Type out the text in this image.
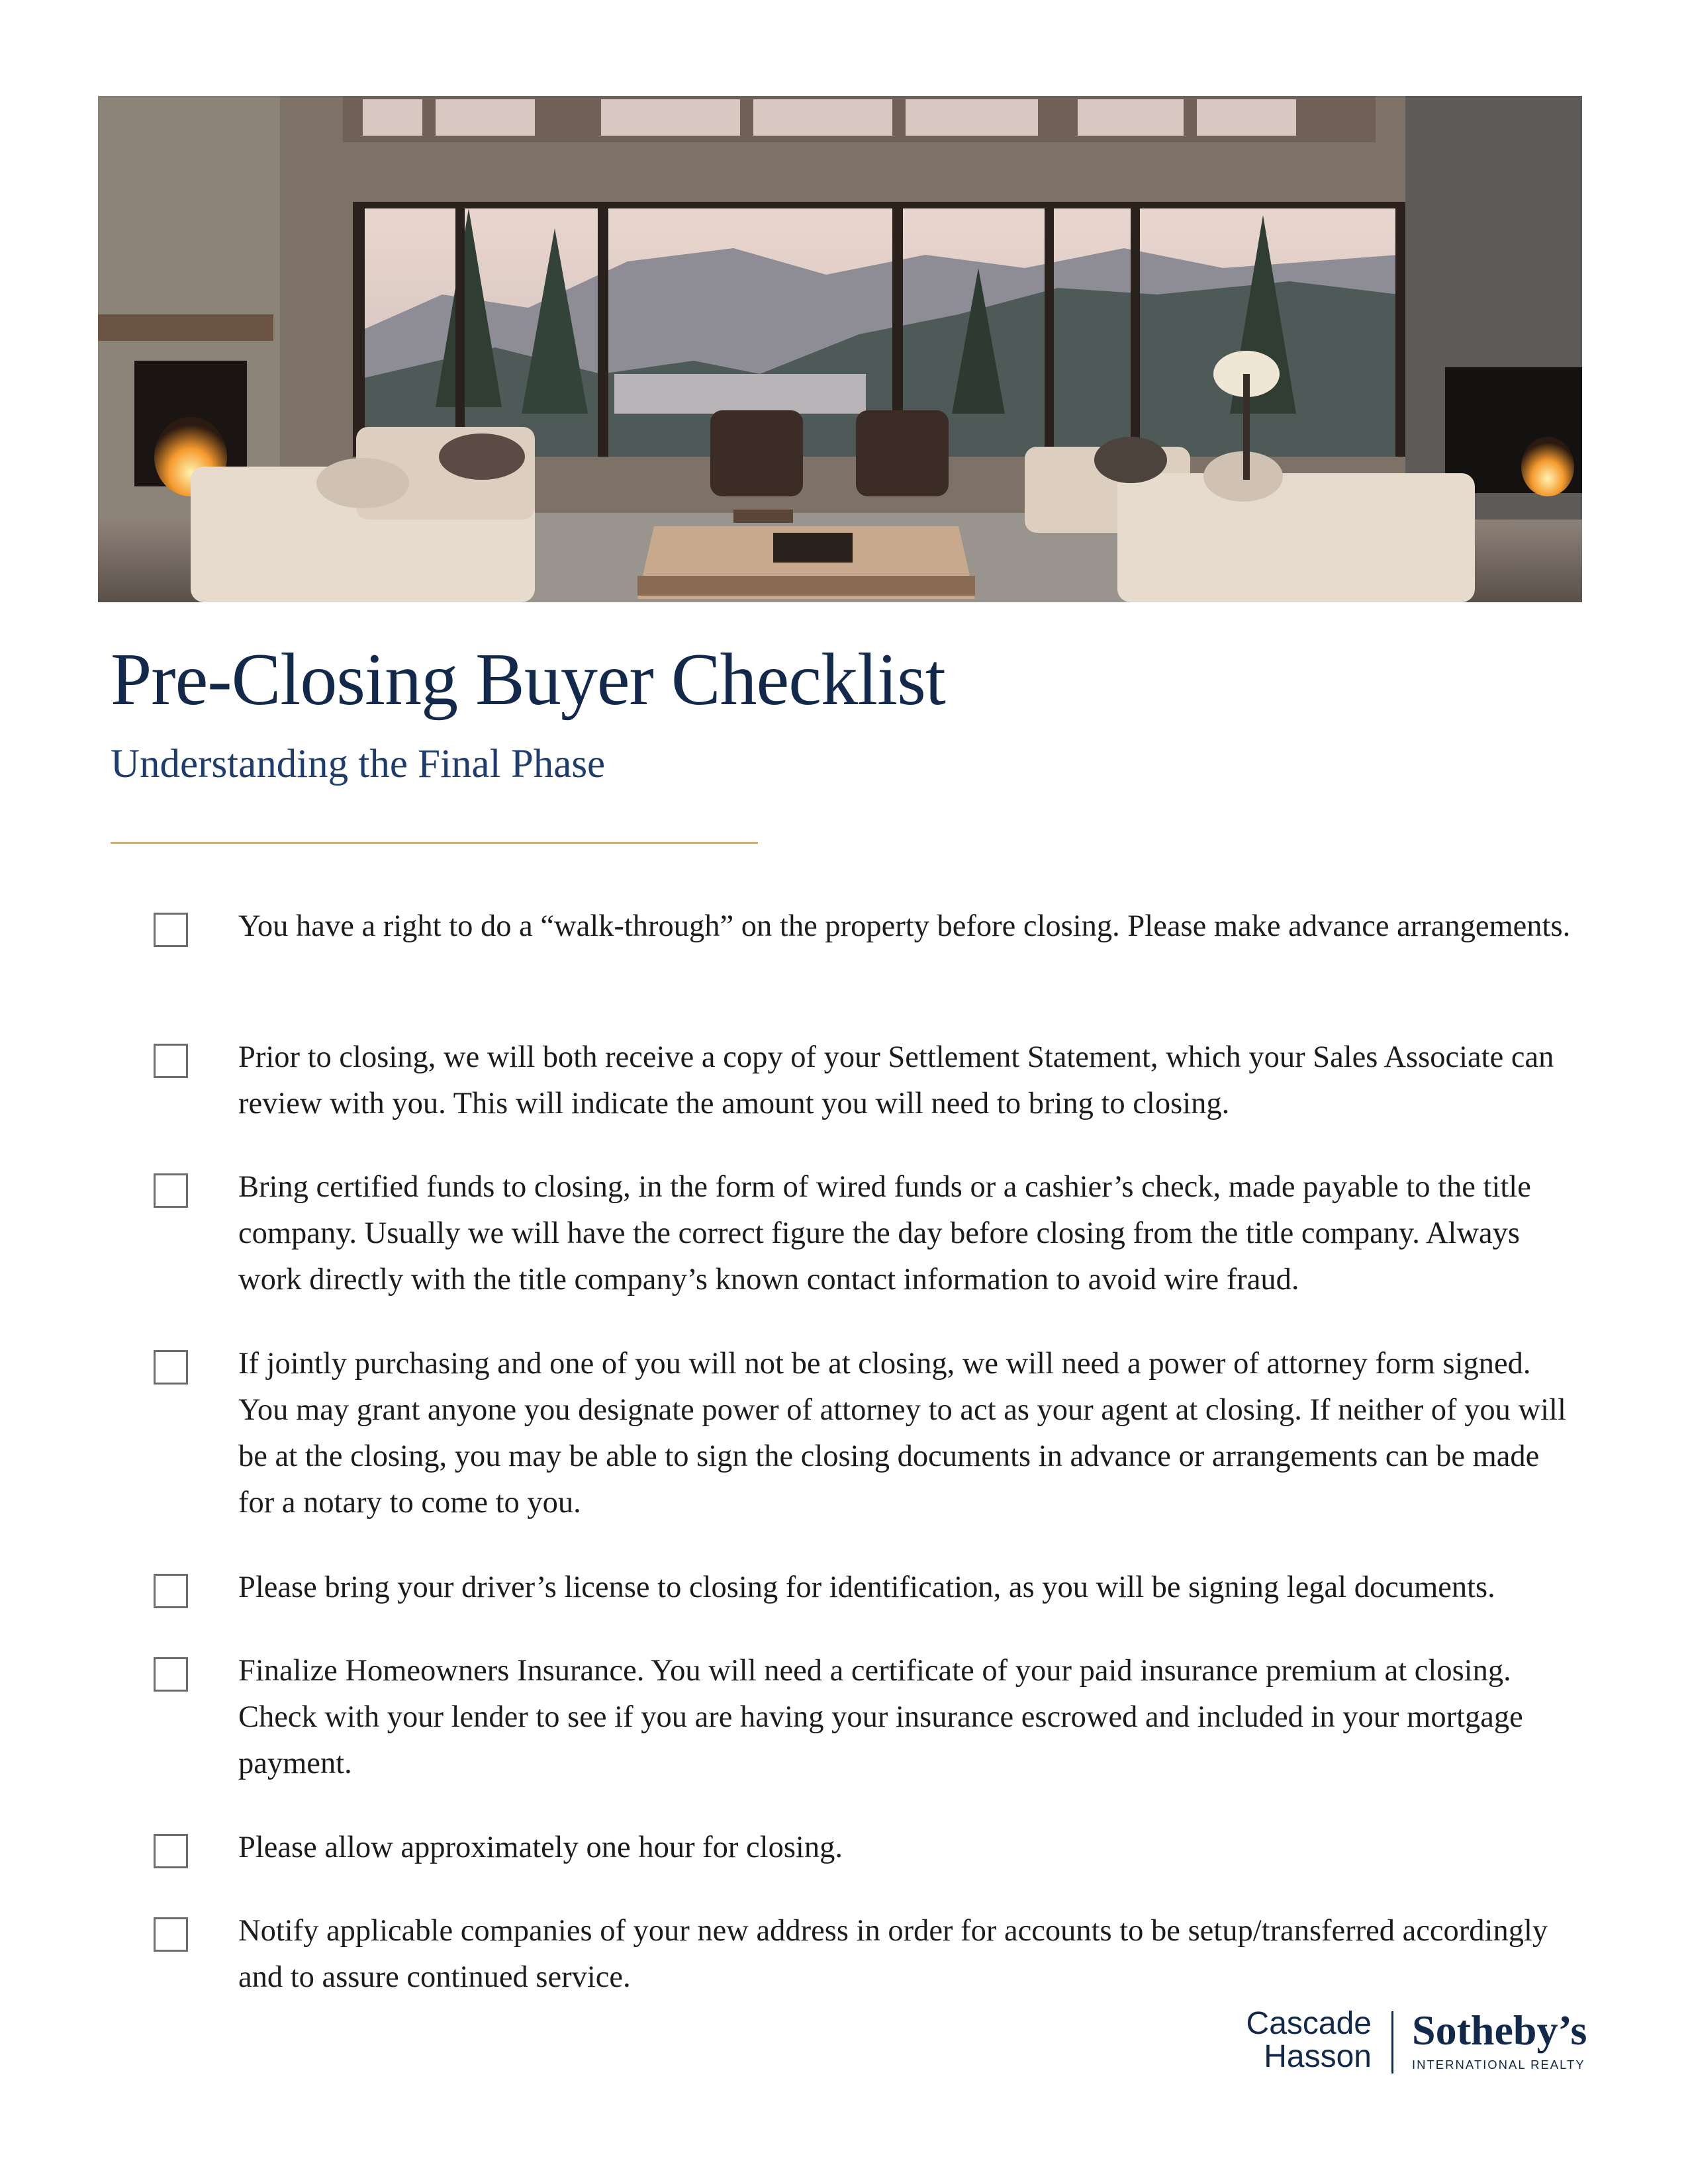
Pre-Closing Buyer Checklist
Understanding the Final Phase
You have a right to do a “walk-through” on the property before closing. Please make advance arrangements.
Prior to closing, we will both receive a copy of your Settlement Statement, which your Sales Associate can review with you. This will indicate the amount you will need to bring to closing.
Bring certified funds to closing, in the form of wired funds or a cashier’s check, made payable to the title company. Usually we will have the correct figure the day before closing from the title company. Always work directly with the title company’s known contact information to avoid wire fraud.
If jointly purchasing and one of you will not be at closing, we will need a power of attorney form signed. You may grant anyone you designate power of attorney to act as your agent at closing. If neither of you will be at the closing, you may be able to sign the closing documents in advance or arrangements can be made for a notary to come to you.
Please bring your driver’s license to closing for identification, as you will be signing legal documents.
Finalize Homeowners Insurance. You will need a certificate of your paid insurance premium at closing. Check with your lender to see if you are having your insurance escrowed and included in your mortgage payment.
Please allow approximately one hour for closing.
Notify applicable companies of your new address in order for accounts to be setup/transferred accordingly and to assure continued service.
Cascade
Hasson
Sotheby’s
INTERNATIONAL REALTY
